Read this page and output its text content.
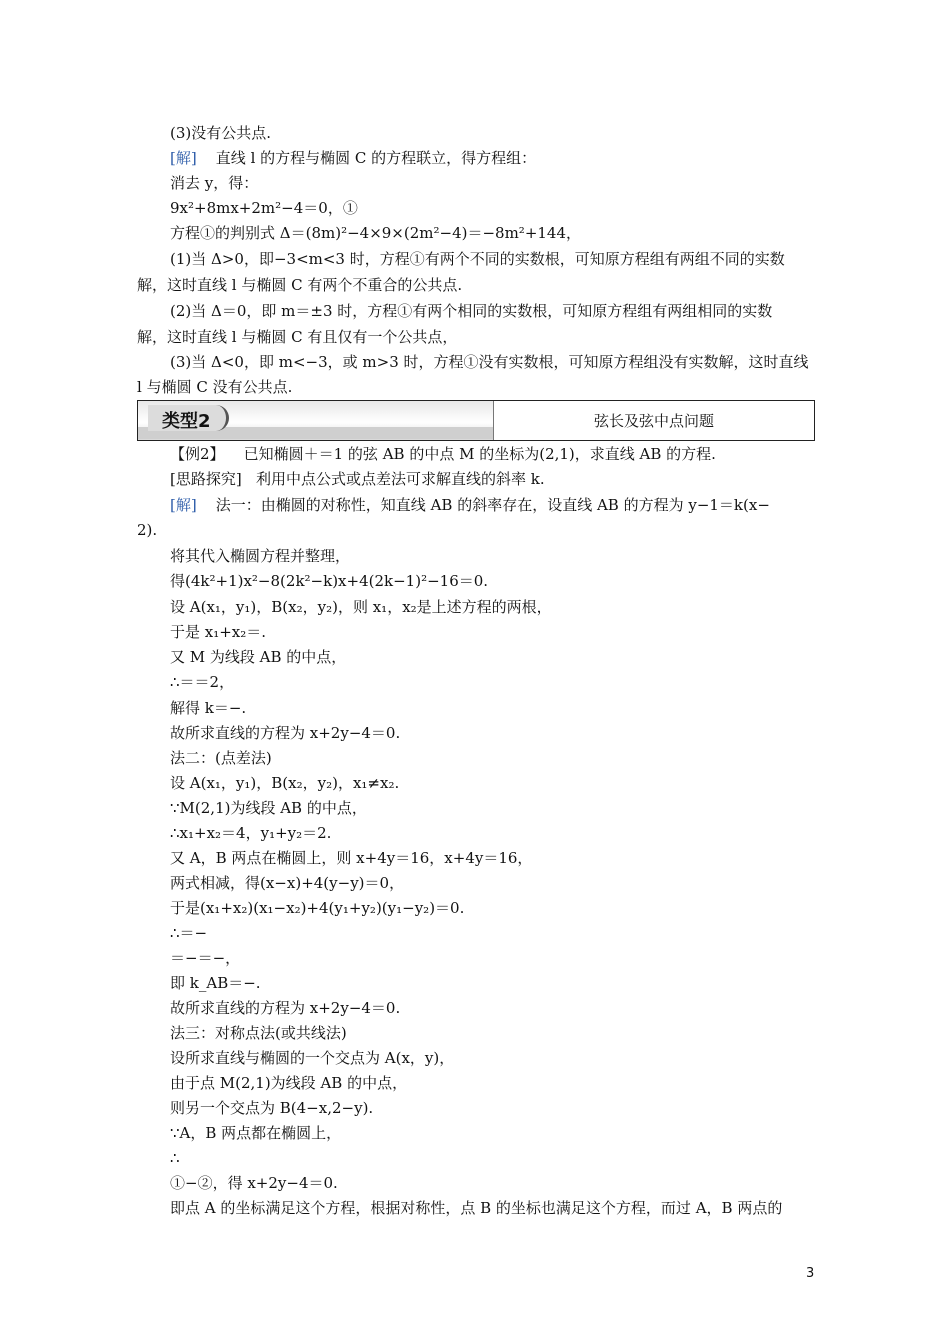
(3)没有公共点.
[解] 直线 l 的方程与椭圆 C 的方程联立，得方程组：
消去 y，得：
9x²+8mx+2m²−4＝0，①
方程①的判别式 Δ＝(8m)²−4×9×(2m²−4)＝−8m²+144，
(1)当 Δ>0，即−3<m<3 时，方程①有两个不同的实数根，可知原方程组有两组不同的实数
解，这时直线 l 与椭圆 C 有两个不重合的公共点.
(2)当 Δ＝0，即 m＝±3 时，方程①有两个相同的实数根，可知原方程组有两组相同的实数
解，这时直线 l 与椭圆 C 有且仅有一个公共点，
(3)当 Δ<0，即 m<−3，或 m>3 时，方程①没有实数根，可知原方程组没有实数解，这时直线
l 与椭圆 C 没有公共点.
类型2	弦长及弦中点问题
【例2】 已知椭圆＋＝1 的弦 AB 的中点 M 的坐标为(2,1)，求直线 AB 的方程.
[思路探究] 利用中点公式或点差法可求解直线的斜率 k.
[解] 法一：由椭圆的对称性，知直线 AB 的斜率存在，设直线 AB 的方程为 y−1＝k(x−
2).
将其代入椭圆方程并整理，
得(4k²+1)x²−8(2k²−k)x+4(2k−1)²−16＝0.
设 A(x₁，y₁)，B(x₂，y₂)，则 x₁，x₂是上述方程的两根，
于是 x₁+x₂＝.
又 M 为线段 AB 的中点，
∴＝＝2，
解得 k＝−.
故所求直线的方程为 x+2y−4＝0.
法二：(点差法)
设 A(x₁，y₁)，B(x₂，y₂)，x₁≠x₂.
∵M(2,1)为线段 AB 的中点，
∴x₁+x₂＝4，y₁+y₂＝2.
又 A，B 两点在椭圆上，则 x+4y＝16，x+4y＝16，
两式相减，得(x−x)+4(y−y)＝0，
于是(x₁+x₂)(x₁−x₂)+4(y₁+y₂)(y₁−y₂)＝0.
∴＝−
＝−＝−，
即 k_AB＝−.
故所求直线的方程为 x+2y−4＝0.
法三：对称点法(或共线法)
设所求直线与椭圆的一个交点为 A(x，y)，
由于点 M(2,1)为线段 AB 的中点，
则另一个交点为 B(4−x,2−y).
∵A，B 两点都在椭圆上，
∴
①−②，得 x+2y−4＝0.
即点 A 的坐标满足这个方程，根据对称性，点 B 的坐标也满足这个方程，而过 A，B 两点的
3
